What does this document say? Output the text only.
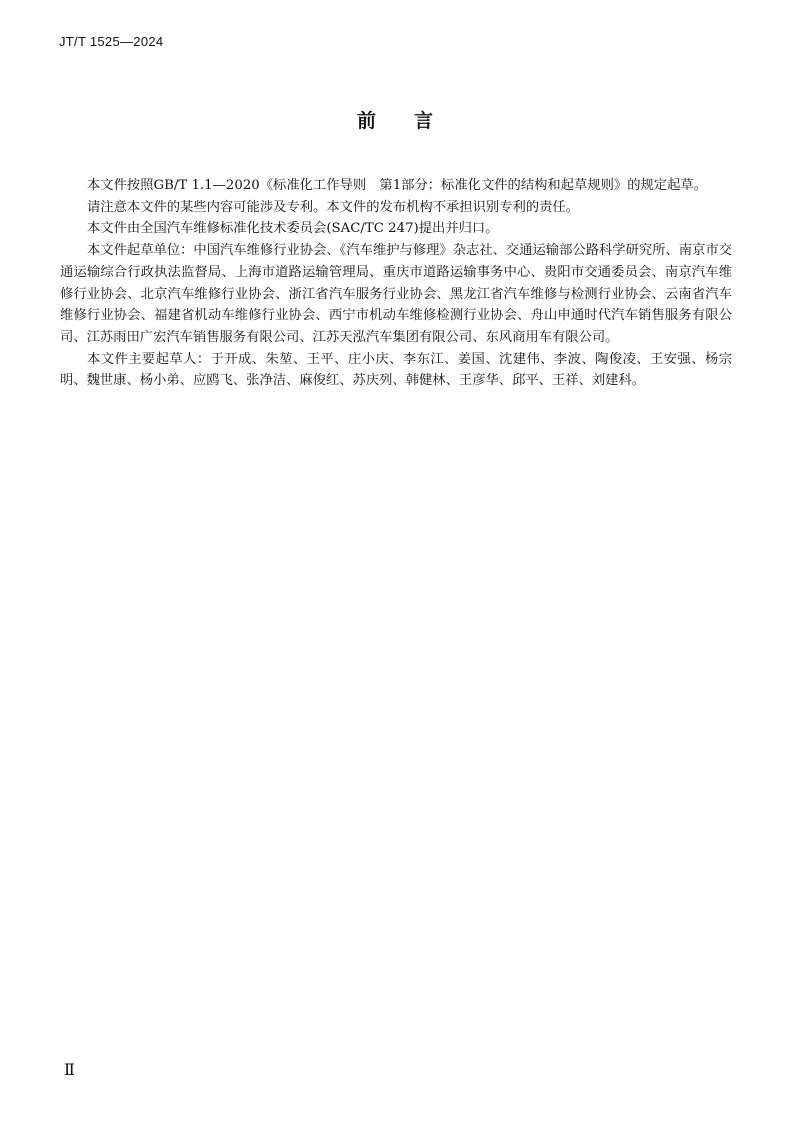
JT/T 1525—2024
前言

本文件按照GB/T 1.1—2020《标准化工作导则　第1部分：标准化文件的结构和起草规则》的规定起草。

请注意本文件的某些内容可能涉及专利。本文件的发布机构不承担识别专利的责任。

本文件由全国汽车维修标准化技术委员会(SAC/TC 247)提出并归口。

本文件起草单位：中国汽车维修行业协会、《汽车维护与修理》杂志社、交通运输部公路科学研究所、南京市交通运输综合行政执法监督局、上海市道路运输管理局、重庆市道路运输事务中心、贵阳市交通委员会、南京汽车维修行业协会、北京汽车维修行业协会、浙江省汽车服务行业协会、黑龙江省汽车维修与检测行业协会、云南省汽车维修行业协会、福建省机动车维修行业协会、西宁市机动车维修检测行业协会、舟山申通时代汽车销售服务有限公司、江苏雨田广宏汽车销售服务有限公司、江苏天泓汽车集团有限公司、东风商用车有限公司。

本文件主要起草人：于开成、朱堃、王平、庄小庆、李东江、姜国、沈建伟、李波、陶俊凌、王安强、杨宗明、魏世康、杨小弟、应鸥飞、张净洁、麻俊红、苏庆列、韩健林、王彦华、邱平、王祥、刘建科。

Ⅱ
